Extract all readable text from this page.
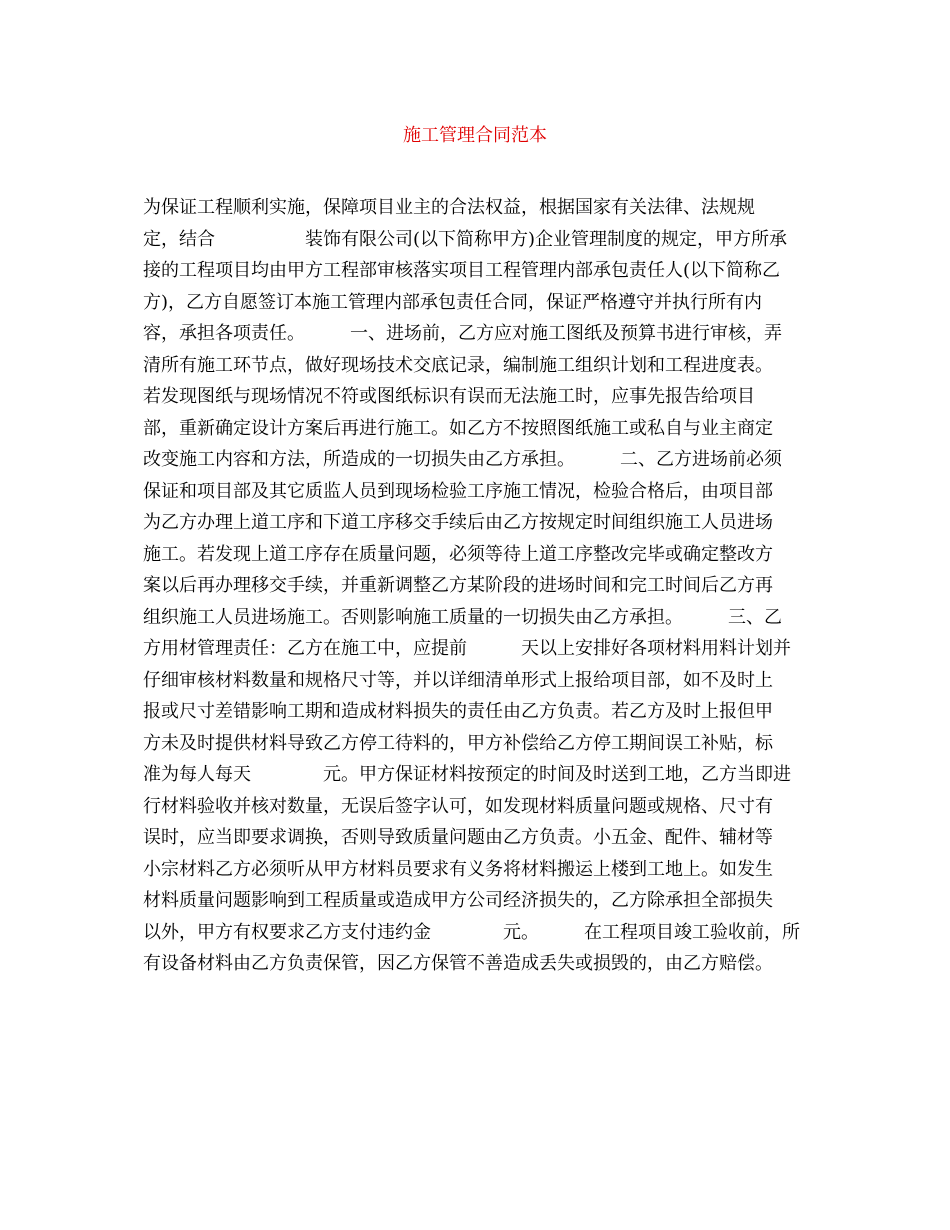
施工管理合同范本
为保证工程顺利实施，保障项目业主的合法权益，根据国家有关法律、法规规
定，结合　　　　　装饰有限公司(以下简称甲方)企业管理制度的规定，甲方所承
接的工程项目均由甲方工程部审核落实项目工程管理内部承包责任人(以下简称乙
方)，乙方自愿签订本施工管理内部承包责任合同，保证严格遵守并执行所有内
容，承担各项责任。　　　一、进场前，乙方应对施工图纸及预算书进行审核，弄
清所有施工环节点，做好现场技术交底记录，编制施工组织计划和工程进度表。
若发现图纸与现场情况不符或图纸标识有误而无法施工时，应事先报告给项目
部，重新确定设计方案后再进行施工。如乙方不按照图纸施工或私自与业主商定
改变施工内容和方法，所造成的一切损失由乙方承担。　　　二、乙方进场前必须
保证和项目部及其它质监人员到现场检验工序施工情况，检验合格后，由项目部
为乙方办理上道工序和下道工序移交手续后由乙方按规定时间组织施工人员进场
施工。若发现上道工序存在质量问题，必须等待上道工序整改完毕或确定整改方
案以后再办理移交手续，并重新调整乙方某阶段的进场时间和完工时间后乙方再
组织施工人员进场施工。否则影响施工质量的一切损失由乙方承担。　　　三、乙
方用材管理责任：乙方在施工中，应提前　　　天以上安排好各项材料用料计划并
仔细审核材料数量和规格尺寸等，并以详细清单形式上报给项目部，如不及时上
报或尺寸差错影响工期和造成材料损失的责任由乙方负责。若乙方及时上报但甲
方未及时提供材料导致乙方停工待料的，甲方补偿给乙方停工期间误工补贴，标
准为每人每天　　　　元。甲方保证材料按预定的时间及时送到工地，乙方当即进
行材料验收并核对数量，无误后签字认可，如发现材料质量问题或规格、尺寸有
误时，应当即要求调换，否则导致质量问题由乙方负责。小五金、配件、辅材等
小宗材料乙方必须听从甲方材料员要求有义务将材料搬运上楼到工地上。如发生
材料质量问题影响到工程质量或造成甲方公司经济损失的，乙方除承担全部损失
以外，甲方有权要求乙方支付违约金　　　　元。　　　在工程项目竣工验收前，所
有设备材料由乙方负责保管，因乙方保管不善造成丢失或损毁的，由乙方赔偿。
